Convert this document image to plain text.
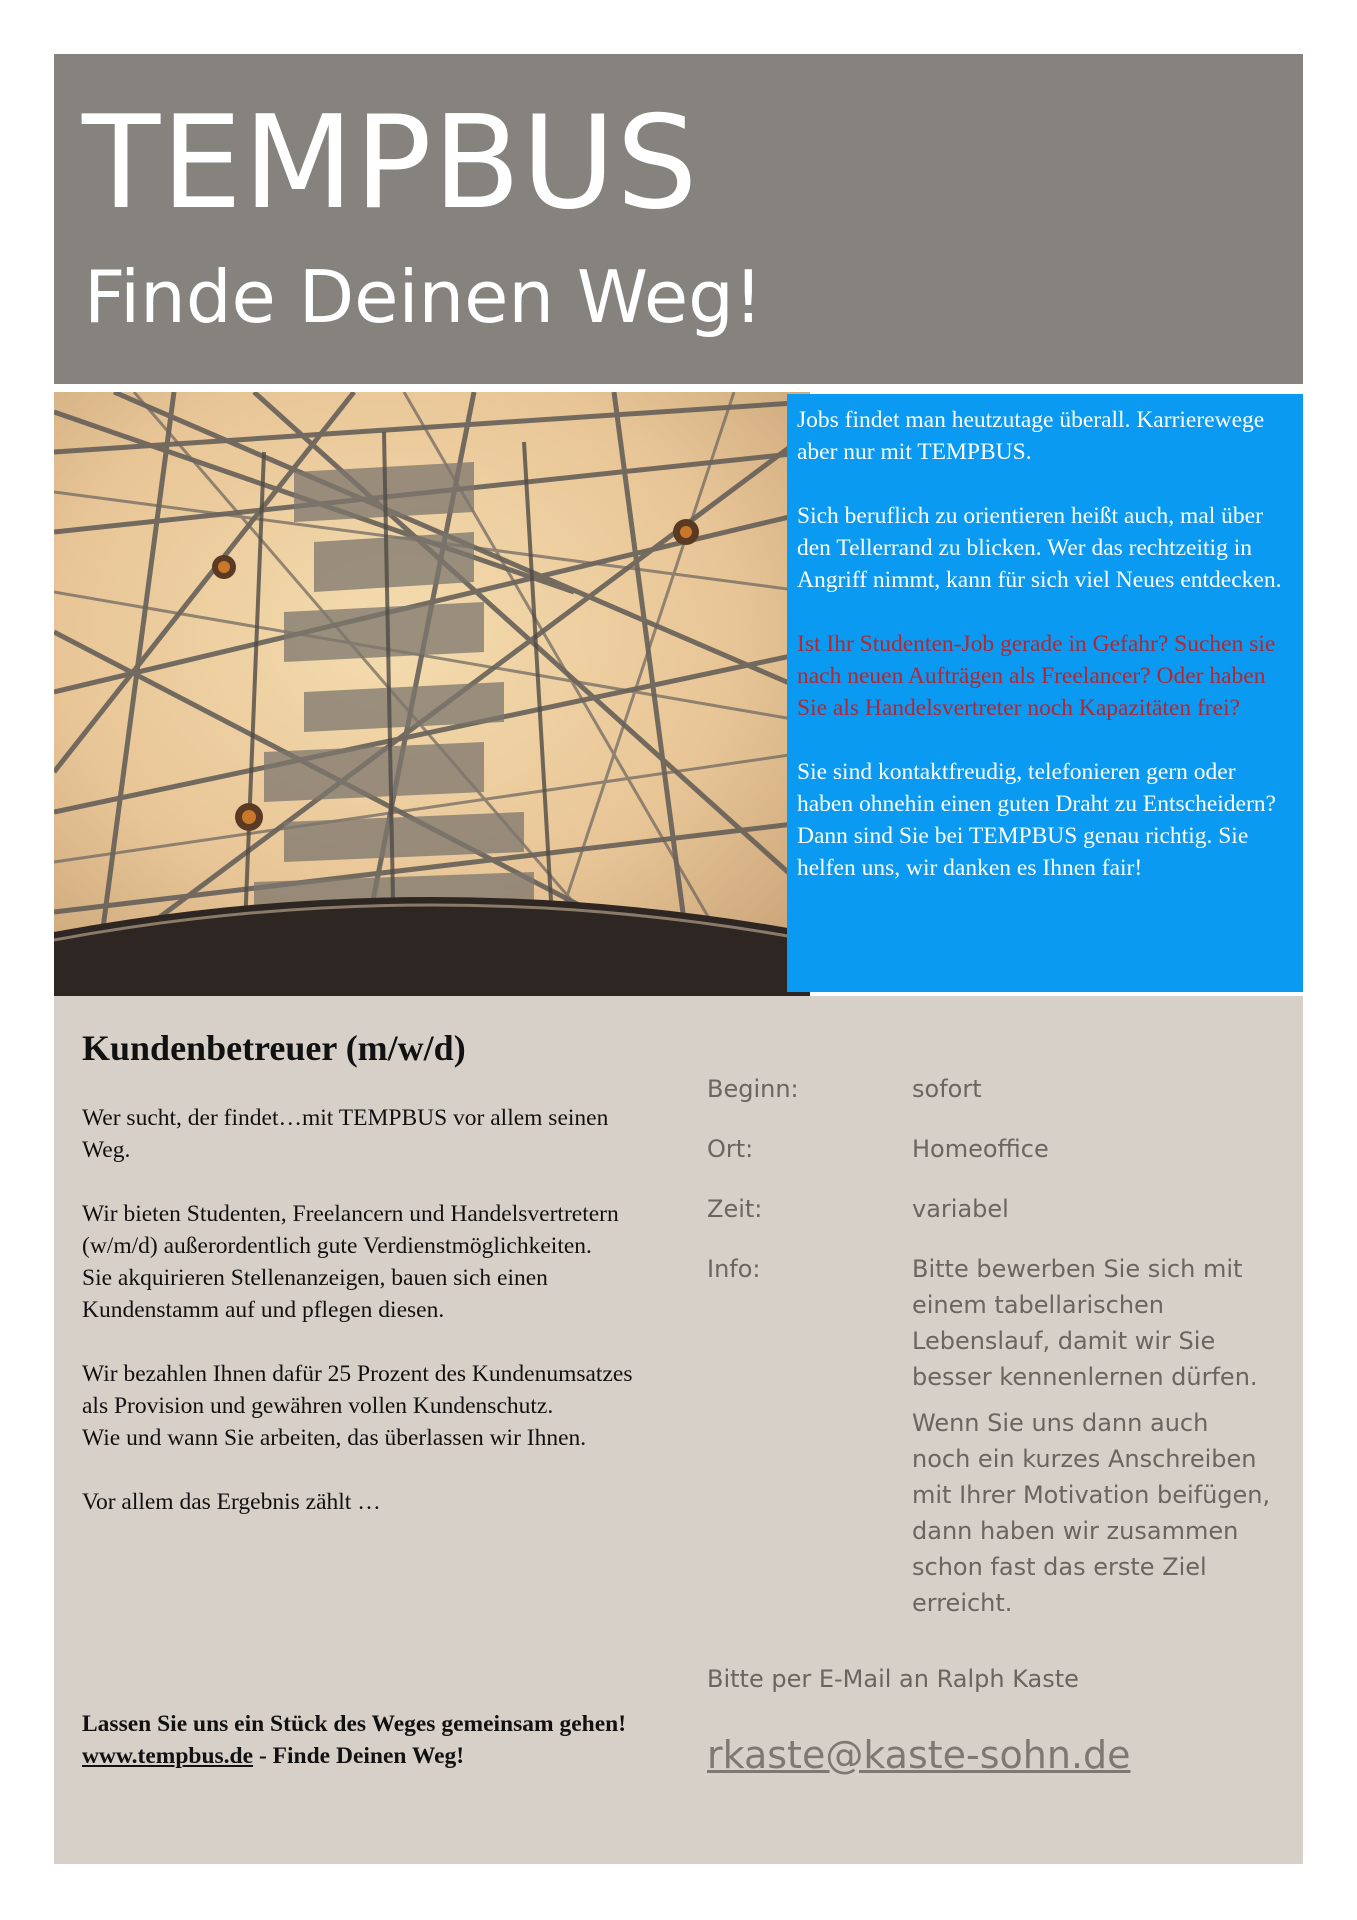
TEMPBUS
Finde Deinen Weg!

Jobs findet man heutzutage überall. Karrierewege aber nur mit TEMPBUS.

Sich beruflich zu orientieren heißt auch, mal über den Tellerrand zu blicken. Wer das rechtzeitig in Angriff nimmt, kann für sich viel Neues entdecken.

Ist Ihr Studenten-Job gerade in Gefahr? Suchen sie nach neuen Aufträgen als Freelancer? Oder haben Sie als Handelsvertreter noch Kapazitäten frei?

Sie sind kontaktfreudig, telefonieren gern oder haben ohnehin einen guten Draht zu Entscheidern?

Dann sind Sie bei TEMPBUS genau richtig. Sie helfen uns, wir danken es Ihnen fair!

Kundenbetreuer (m/w/d)

Wer sucht, der findet…mit TEMPBUS vor allem seinen Weg.

Wir bieten Studenten, Freelancern und Handelsvertretern (w/m/d) außerordentlich gute Verdienstmöglichkeiten.
Sie akquirieren Stellenanzeigen, bauen sich einen Kundenstamm auf und pflegen diesen.

Wir bezahlen Ihnen dafür 25 Prozent des Kundenumsatzes als Provision und gewähren vollen Kundenschutz.
Wie und wann Sie arbeiten, das überlassen wir Ihnen.

Vor allem das Ergebnis zählt …

Lassen Sie uns ein Stück des Weges gemeinsam gehen!
www.tempbus.de - Finde Deinen Weg!

Beginn:	sofort
Ort:	Homeoffice
Zeit:	variabel
Info:	Bitte bewerben Sie sich mit einem tabellarischen Lebenslauf, damit wir Sie besser kennenlernen dürfen.

Wenn Sie uns dann auch noch ein kurzes Anschreiben mit Ihrer Motivation beifügen, dann haben wir zusammen schon fast das erste Ziel erreicht.

Bitte per E-Mail an Ralph Kaste

rkaste@kaste-sohn.de
